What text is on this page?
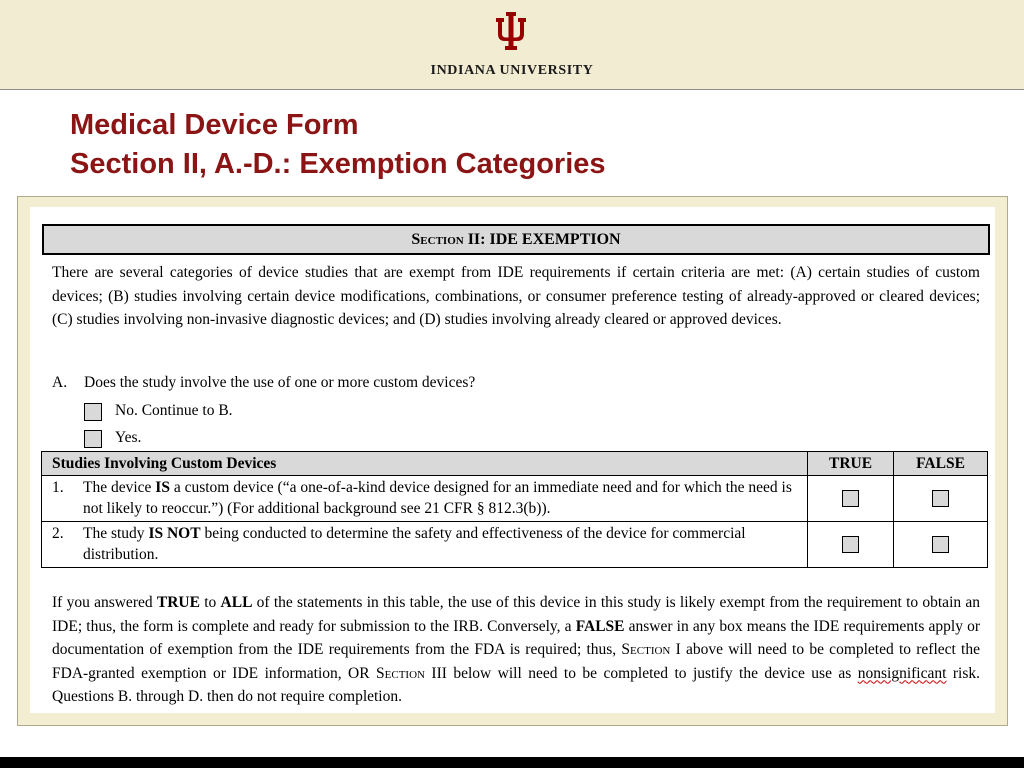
INDIANA UNIVERSITY
Medical Device Form
Section II, A.-D.: Exemption Categories
Section II: IDE EXEMPTION
There are several categories of device studies that are exempt from IDE requirements if certain criteria are met: (A) certain studies of custom devices; (B) studies involving certain device modifications, combinations, or consumer preference testing of already-approved or cleared devices; (C) studies involving non-invasive diagnostic devices; and (D) studies involving already cleared or approved devices.
A. Does the study involve the use of one or more custom devices?
No. Continue to B.
Yes.
Studies Involving Custom Devices	TRUE	FALSE

1. The device IS a custom device (“a one-of-a-kind device designed for an immediate need and for which the need is not likely to reoccur.”) (For additional background see 21 CFR § 812.3(b)).		

2. The study IS NOT being conducted to determine the safety and effectiveness of the device for commercial distribution.		

If you answered TRUE to ALL of the statements in this table, the use of this device in this study is likely exempt from the requirement to obtain an IDE; thus, the form is complete and ready for submission to the IRB. Conversely, a FALSE answer in any box means the IDE requirements apply or documentation of exemption from the IDE requirements from the FDA is required; thus, Section I above will need to be completed to reflect the FDA-granted exemption or IDE information, OR Section III below will need to be completed to justify the device use as nonsignificant risk. Questions B. through D. then do not require completion.
